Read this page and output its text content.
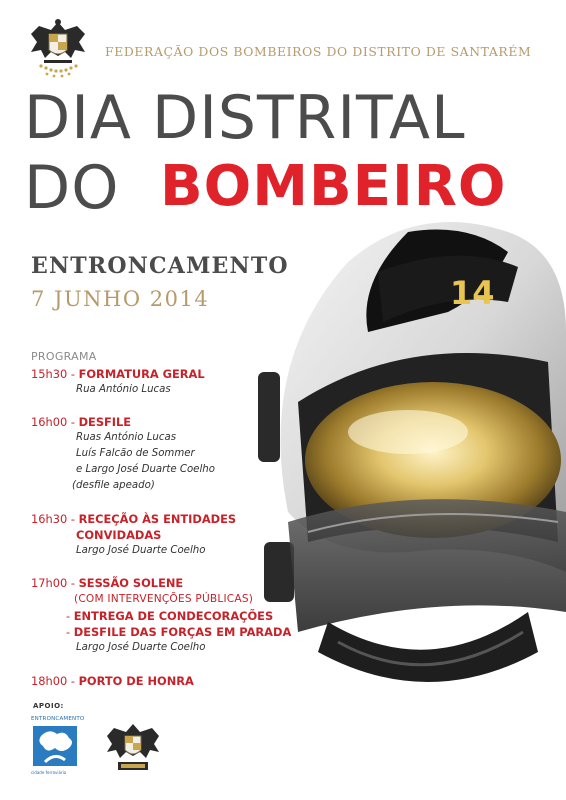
FEDERAÇÃO DOS BOMBEIROS DO DISTRITO DE SANTARÉM
DIA DISTRITAL
DO BOMBEIRO
ENTRONCAMENTO
7 JUNHO 2014	14
PROGRAMA
15h30 - FORMATURA GERAL
Rua António Lucas
16h00 - DESFILE
Ruas António Lucas
Luís Falcão de Sommer
e Largo José Duarte Coelho
(desfile apeado)
16h30 - RECEÇÃO ÀS ENTIDADES
CONVIDADAS
Largo José Duarte Coelho
17h00 - SESSÃO SOLENE
(COM INTERVENÇÕES PÚBLICAS)
- ENTREGA DE CONDECORAÇÕES
- DESFILE DAS FORÇAS EM PARADA
Largo José Duarte Coelho
18h00 - PORTO DE HONRA
APOIO:
ENTRONCAMENTO
cidade ferroviária
